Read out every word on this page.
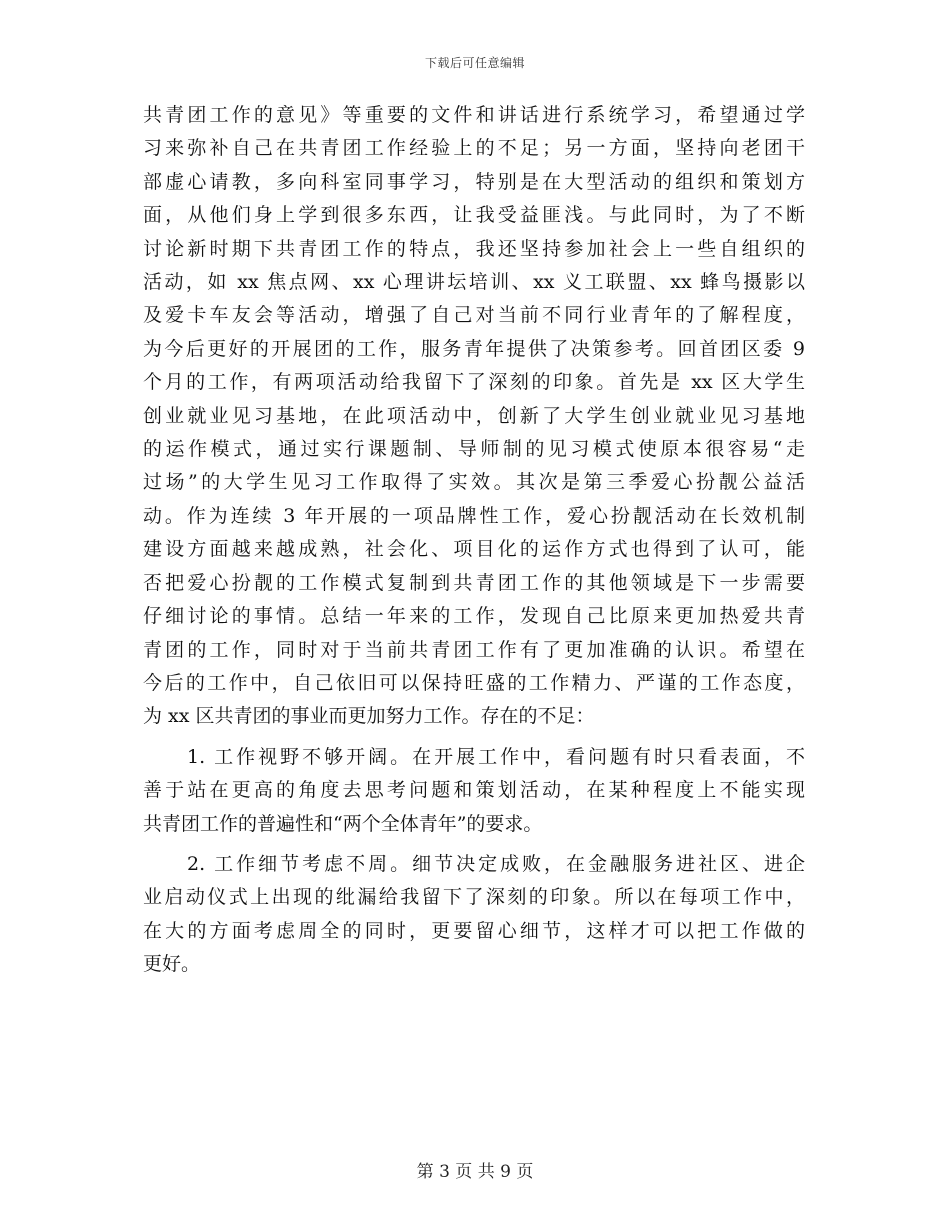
下载后可任意编辑
共青团工作的意见》等重要的文件和讲话进行系统学习，希望通过学
习来弥补自己在共青团工作经验上的不足；另一方面，坚持向老团干
部虚心请教，多向科室同事学习，特别是在大型活动的组织和策划方
面，从他们身上学到很多东西，让我受益匪浅。与此同时，为了不断
讨论新时期下共青团工作的特点，我还坚持参加社会上一些自组织的
活动，如 xx 焦点网、xx 心理讲坛培训、xx 义工联盟、xx 蜂鸟摄影以
及爱卡车友会等活动，增强了自己对当前不同行业青年的了解程度，
为今后更好的开展团的工作，服务青年提供了决策参考。回首团区委 9
个月的工作，有两项活动给我留下了深刻的印象。首先是 xx 区大学生
创业就业见习基地，在此项活动中，创新了大学生创业就业见习基地
的运作模式，通过实行课题制、导师制的见习模式使原本很容易“走
过场”的大学生见习工作取得了实效。其次是第三季爱心扮靓公益活
动。作为连续 3 年开展的一项品牌性工作，爱心扮靓活动在长效机制
建设方面越来越成熟，社会化、项目化的运作方式也得到了认可，能
否把爱心扮靓的工作模式复制到共青团工作的其他领域是下一步需要
仔细讨论的事情。总结一年来的工作，发现自己比原来更加热爱共青
青团的工作，同时对于当前共青团工作有了更加准确的认识。希望在
今后的工作中，自己依旧可以保持旺盛的工作精力、严谨的工作态度，
为 xx 区共青团的事业而更加努力工作。存在的不足：
　　1. 工作视野不够开阔。在开展工作中，看问题有时只看表面，不
善于站在更高的角度去思考问题和策划活动，在某种程度上不能实现
共青团工作的普遍性和“两个全体青年”的要求。
　　2. 工作细节考虑不周。细节决定成败，在金融服务进社区、进企
业启动仪式上出现的纰漏给我留下了深刻的印象。所以在每项工作中，
在大的方面考虑周全的同时，更要留心细节，这样才可以把工作做的
更好。
第 3 页 共 9 页
